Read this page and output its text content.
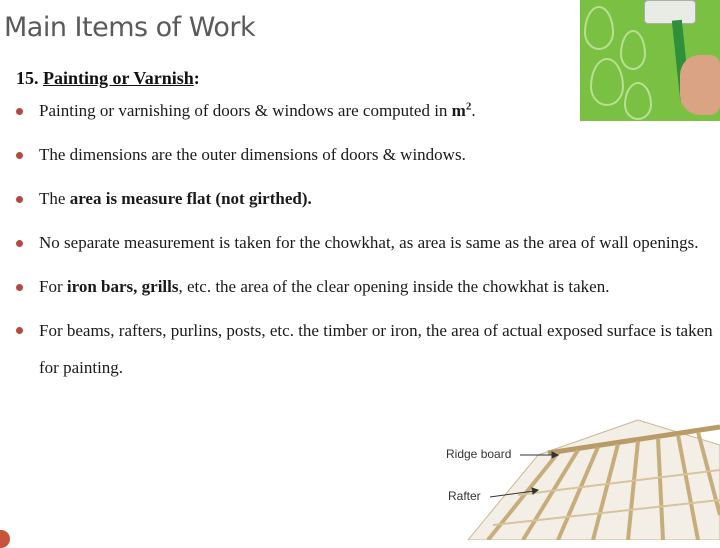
Main Items of Work
15. Painting or Varnish:
Painting or varnishing of doors & windows are computed in $m^2$.
The dimensions are the outer dimensions of doors & windows.
The area is measure flat (not girthed).
No separate measurement is taken for the chowkhat, as area is same as the area of wall openings.
For iron bars, grills, etc. the area of the clear opening inside the chowkhat is taken.
For beams, rafters, purlins, posts, etc. the timber or iron, the area of actual exposed surface is taken for painting.
Ridge board
Rafter
